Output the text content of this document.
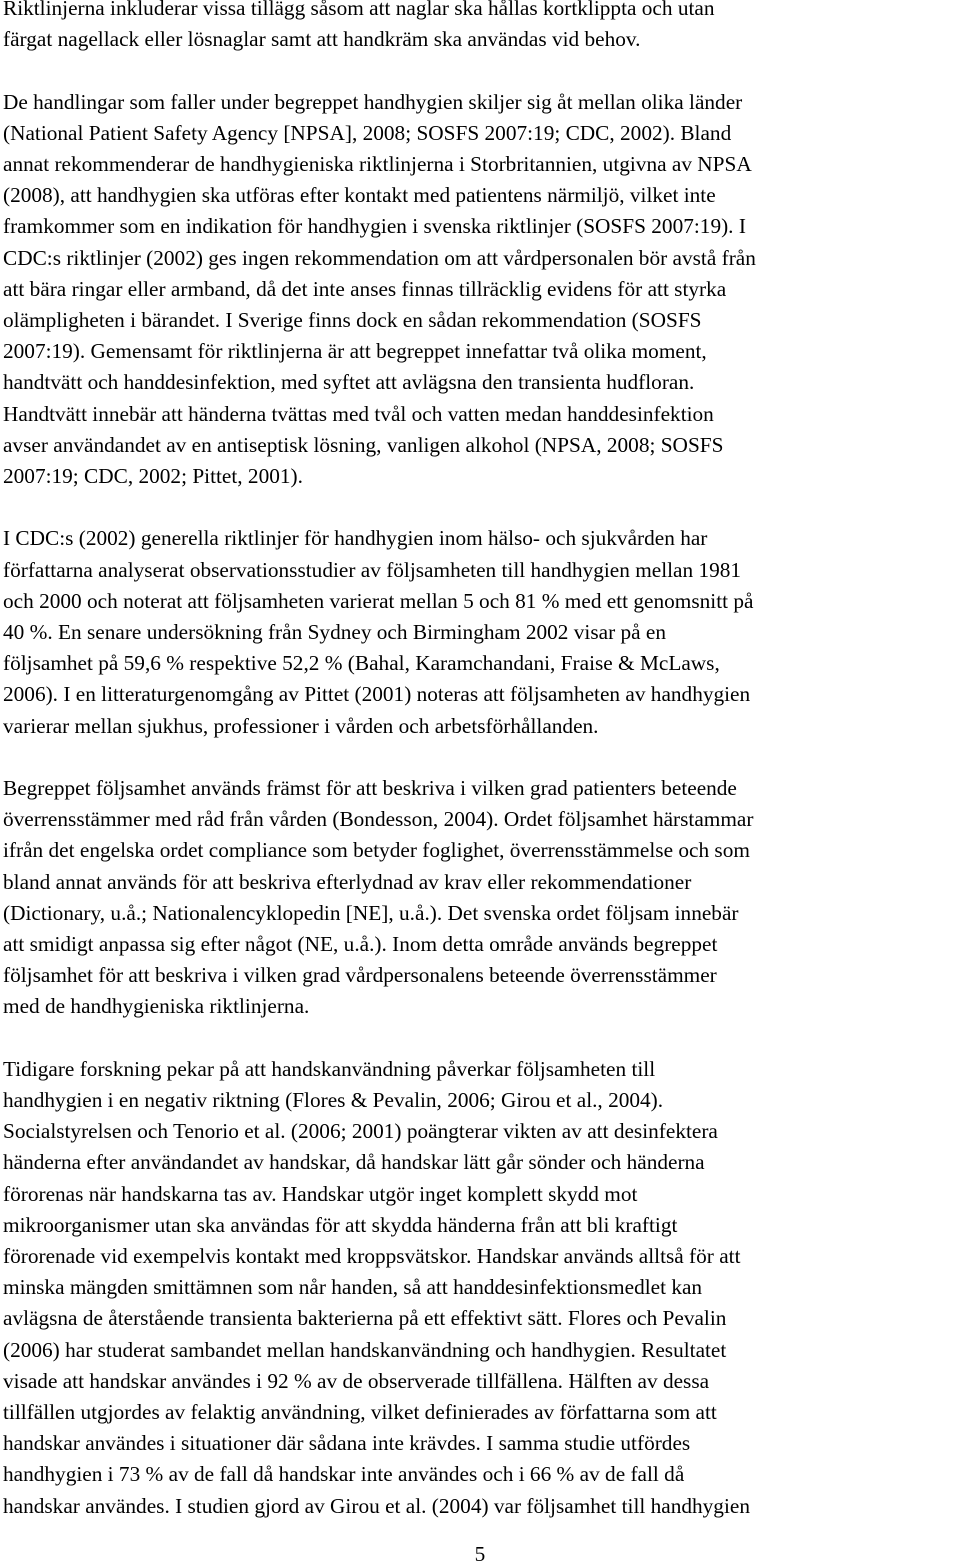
Riktlinjerna inkluderar vissa tillägg såsom att naglar ska hållas kortklippta och utan
färgat nagellack eller lösnaglar samt att handkräm ska användas vid behov.

De handlingar som faller under begreppet handhygien skiljer sig åt mellan olika länder
(National Patient Safety Agency [NPSA], 2008; SOSFS 2007:19; CDC, 2002). Bland
annat rekommenderar de handhygieniska riktlinjerna i Storbritannien, utgivna av NPSA
(2008), att handhygien ska utföras efter kontakt med patientens närmiljö, vilket inte
framkommer som en indikation för handhygien i svenska riktlinjer (SOSFS 2007:19). I
CDC:s riktlinjer (2002) ges ingen rekommendation om att vårdpersonalen bör avstå från
att bära ringar eller armband, då det inte anses finnas tillräcklig evidens för att styrka
olämpligheten i bärandet. I Sverige finns dock en sådan rekommendation (SOSFS
2007:19). Gemensamt för riktlinjerna är att begreppet innefattar två olika moment,
handtvätt och handdesinfektion, med syftet att avlägsna den transienta hudfloran.
Handtvätt innebär att händerna tvättas med tvål och vatten medan handdesinfektion
avser användandet av en antiseptisk lösning, vanligen alkohol (NPSA, 2008; SOSFS
2007:19; CDC, 2002; Pittet, 2001).

I CDC:s (2002) generella riktlinjer för handhygien inom hälso- och sjukvården har
författarna analyserat observationsstudier av följsamheten till handhygien mellan 1981
och 2000 och noterat att följsamheten varierat mellan 5 och 81 % med ett genomsnitt på
40 %. En senare undersökning från Sydney och Birmingham 2002 visar på en
följsamhet på 59,6 % respektive 52,2 % (Bahal, Karamchandani, Fraise & McLaws,
2006). I en litteraturgenomgång av Pittet (2001) noteras att följsamheten av handhygien
varierar mellan sjukhus, professioner i vården och arbetsförhållanden.

Begreppet följsamhet används främst för att beskriva i vilken grad patienters beteende
överrensstämmer med råd från vården (Bondesson, 2004). Ordet följsamhet härstammar
ifrån det engelska ordet compliance som betyder foglighet, överrensstämmelse och som
bland annat används för att beskriva efterlydnad av krav eller rekommendationer
(Dictionary, u.å.; Nationalencyklopedin [NE], u.å.). Det svenska ordet följsam innebär
att smidigt anpassa sig efter något (NE, u.å.). Inom detta område används begreppet
följsamhet för att beskriva i vilken grad vårdpersonalens beteende överrensstämmer
med de handhygieniska riktlinjerna.

Tidigare forskning pekar på att handskanvändning påverkar följsamheten till
handhygien i en negativ riktning (Flores & Pevalin, 2006; Girou et al., 2004).
Socialstyrelsen och Tenorio et al. (2006; 2001) poängterar vikten av att desinfektera
händerna efter användandet av handskar, då handskar lätt går sönder och händerna
förorenas när handskarna tas av. Handskar utgör inget komplett skydd mot
mikroorganismer utan ska användas för att skydda händerna från att bli kraftigt
förorenade vid exempelvis kontakt med kroppsvätskor. Handskar används alltså för att
minska mängden smittämnen som når handen, så att handdesinfektionsmedlet kan
avlägsna de återstående transienta bakterierna på ett effektivt sätt. Flores och Pevalin
(2006) har studerat sambandet mellan handskanvändning och handhygien. Resultatet
visade att handskar användes i 92 % av de observerade tillfällena. Hälften av dessa
tillfällen utgjordes av felaktig användning, vilket definierades av författarna som att
handskar användes i situationer där sådana inte krävdes. I samma studie utfördes
handhygien i 73 % av de fall då handskar inte användes och i 66 % av de fall då
handskar användes. I studien gjord av Girou et al. (2004) var följsamhet till handhygien

5
